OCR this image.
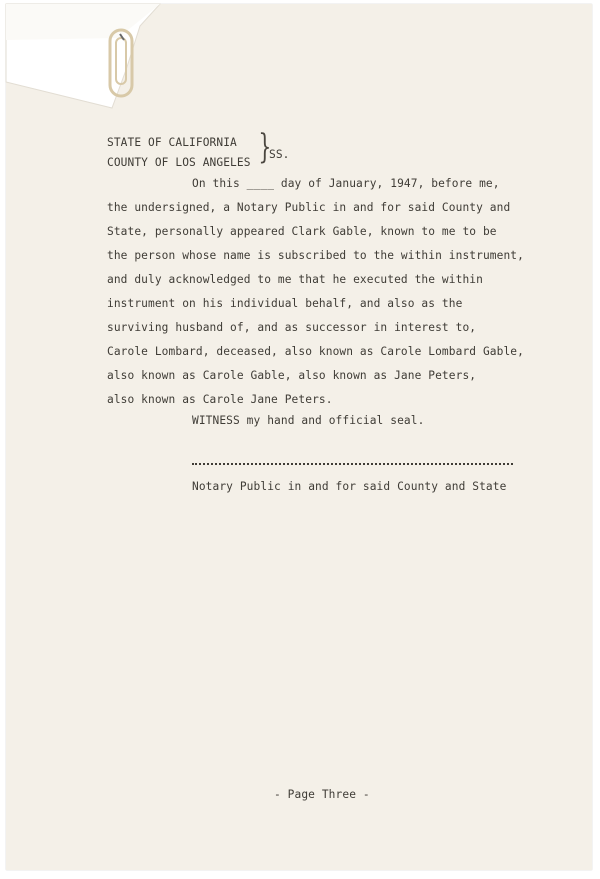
STATE OF CALIFORNIA
COUNTY OF LOS ANGELES }
SS.
On this ____ day of January, 1947, before me,
the undersigned, a Notary Public in and for said County and
State, personally appeared Clark Gable, known to me to be
the person whose name is subscribed to the within instrument,
and duly acknowledged to me that he executed the within
instrument on his individual behalf, and also as the
surviving husband of, and as successor in interest to,
Carole Lombard, deceased, also known as Carole Lombard Gable,
also known as Carole Gable, also known as Jane Peters,
also known as Carole Jane Peters.
WITNESS my hand and official seal.
Notary Public in and for said County and State
- Page Three -
